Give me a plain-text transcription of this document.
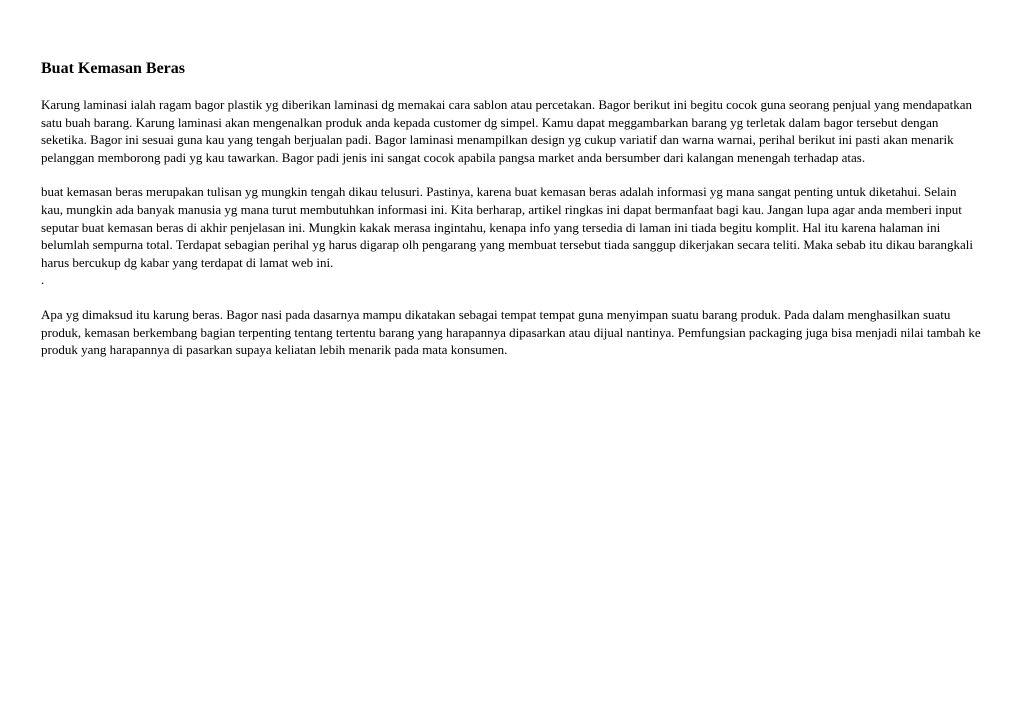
Buat Kemasan Beras

Karung laminasi ialah ragam bagor plastik yg diberikan laminasi dg memakai cara sablon atau percetakan. Bagor berikut ini begitu cocok guna seorang penjual yang mendapatkan satu buah barang. Karung laminasi akan mengenalkan produk anda kepada customer dg simpel. Kamu dapat meggambarkan barang yg terletak dalam bagor tersebut dengan seketika. Bagor ini sesuai guna kau yang tengah berjualan padi. Bagor laminasi menampilkan design yg cukup variatif dan warna warnai, perihal berikut ini pasti akan menarik pelanggan memborong padi yg kau tawarkan. Bagor padi jenis ini sangat cocok apabila pangsa market anda bersumber dari kalangan menengah terhadap atas.

buat kemasan beras merupakan tulisan yg mungkin tengah dikau telusuri. Pastinya, karena buat kemasan beras adalah informasi yg mana sangat penting untuk diketahui. Selain kau, mungkin ada banyak manusia yg mana turut membutuhkan informasi ini. Kita berharap, artikel ringkas ini dapat bermanfaat bagi kau. Jangan lupa agar anda memberi input seputar buat kemasan beras di akhir penjelasan ini. Mungkin kakak merasa ingintahu, kenapa info yang tersedia di laman ini tiada begitu komplit. Hal itu karena halaman ini belumlah sempurna total. Terdapat sebagian perihal yg harus digarap olh pengarang yang membuat tersebut tiada sanggup dikerjakan secara teliti. Maka sebab itu dikau barangkali harus bercukup dg kabar yang terdapat di lamat web ini.
.

Apa yg dimaksud itu karung beras. Bagor nasi pada dasarnya mampu dikatakan sebagai tempat tempat guna menyimpan suatu barang produk. Pada dalam menghasilkan suatu produk, kemasan berkembang bagian terpenting tentang tertentu barang yang harapannya dipasarkan atau dijual nantinya. Pemfungsian packaging juga bisa menjadi nilai tambah ke produk yang harapannya di pasarkan supaya keliatan lebih menarik pada mata konsumen.
